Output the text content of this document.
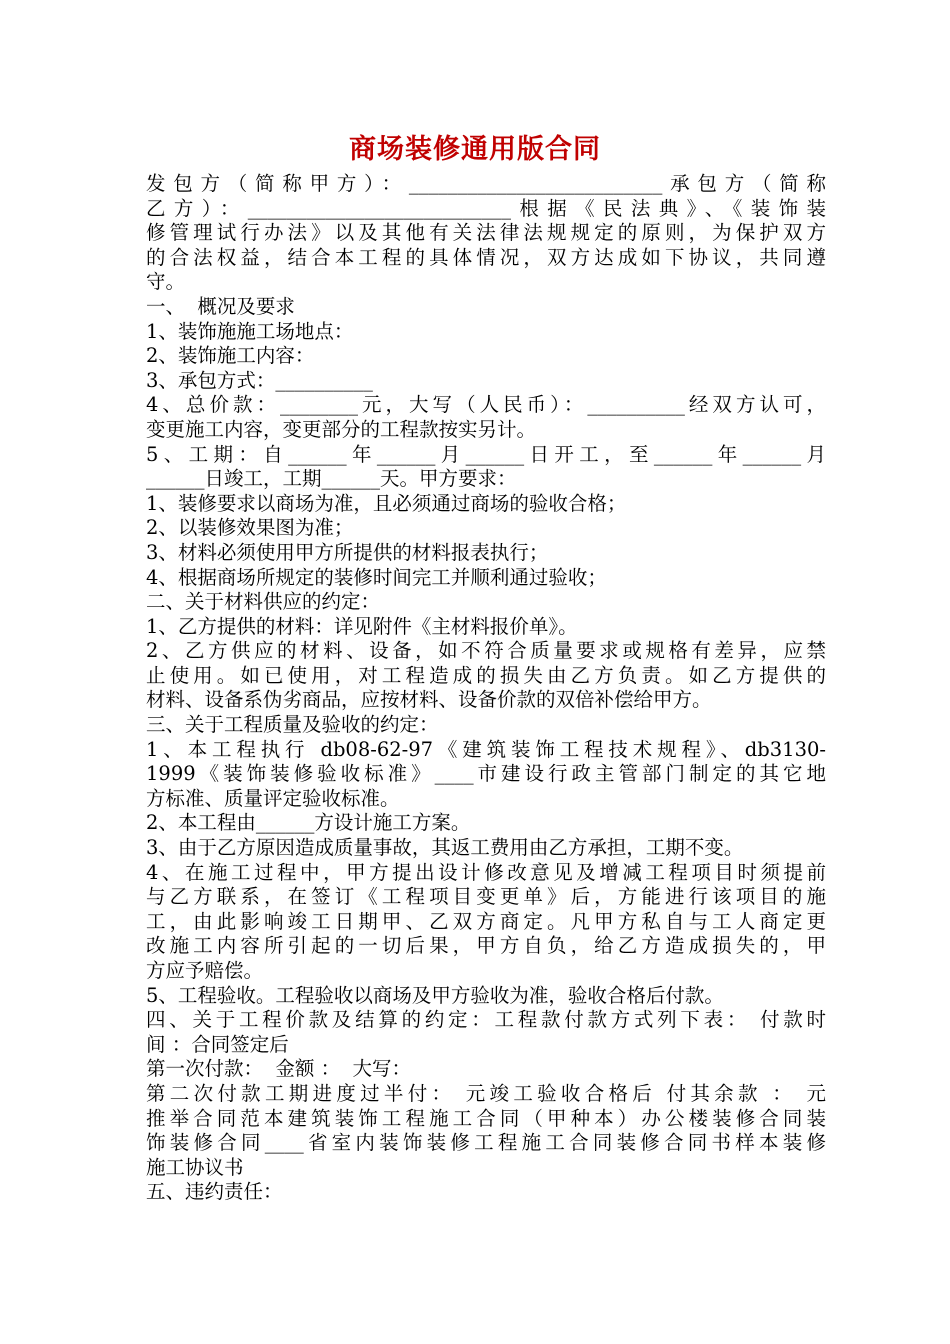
商场装修通用版合同
发包方（简称甲方）：__________________________承包方（简称
乙方）：___________________________根据《民法典》、《装饰装
修管理试行办法》以及其他有关法律法规规定的原则，为保护双方
的合法权益，结合本工程的具体情况，双方达成如下协议，共同遵
守。
一、  概况及要求
1、装饰施施工场地点：
2、装饰施工内容：
3、承包方式：__________
4、总价款：________元，大写（人民币）：__________经双方认可，
变更施工内容，变更部分的工程款按实另计。
5、工期：自______年______月______日开工，至______年______月
______日竣工，工期______天。甲方要求：
1、装修要求以商场为准，且必须通过商场的验收合格；
2、以装修效果图为准；
3、材料必须使用甲方所提供的材料报表执行；
4、根据商场所规定的装修时间完工并顺利通过验收；
二、关于材料供应的约定：
1、乙方提供的材料：详见附件《主材料报价单》。
2、乙方供应的材料、设备，如不符合质量要求或规格有差异，应禁
止使用。如已使用，对工程造成的损失由乙方负责。如乙方提供的
材料、设备系伪劣商品，应按材料、设备价款的双倍补偿给甲方。
三、关于工程质量及验收的约定：
1、本工程执行 db08-62-97《建筑装饰工程技术规程》、db3130-
1999《装饰装修验收标准》____市建设行政主管部门制定的其它地
方标准、质量评定验收标准。
2、本工程由______方设计施工方案。
3、由于乙方原因造成质量事故，其返工费用由乙方承担，工期不变。
4、在施工过程中，甲方提出设计修改意见及增减工程项目时须提前
与乙方联系，在签订《工程项目变更单》后，方能进行该项目的施
工，由此影响竣工日期甲、乙双方商定。凡甲方私自与工人商定更
改施工内容所引起的一切后果，甲方自负，给乙方造成损失的，甲
方应予赔偿。
5、工程验收。工程验收以商场及甲方验收为准，验收合格后付款。
四、关于工程价款及结算的约定：工程款付款方式列下表： 付款时
间 ：合同签定后
第一次付款：  金额 ：  大写：
第二次付款工期进度过半付： 元竣工验收合格后 付其余款 ： 元
推举合同范本建筑装饰工程施工合同（甲种本）办公楼装修合同装
饰装修合同____省室内装饰装修工程施工合同装修合同书样本装修
施工协议书
五、违约责任：
